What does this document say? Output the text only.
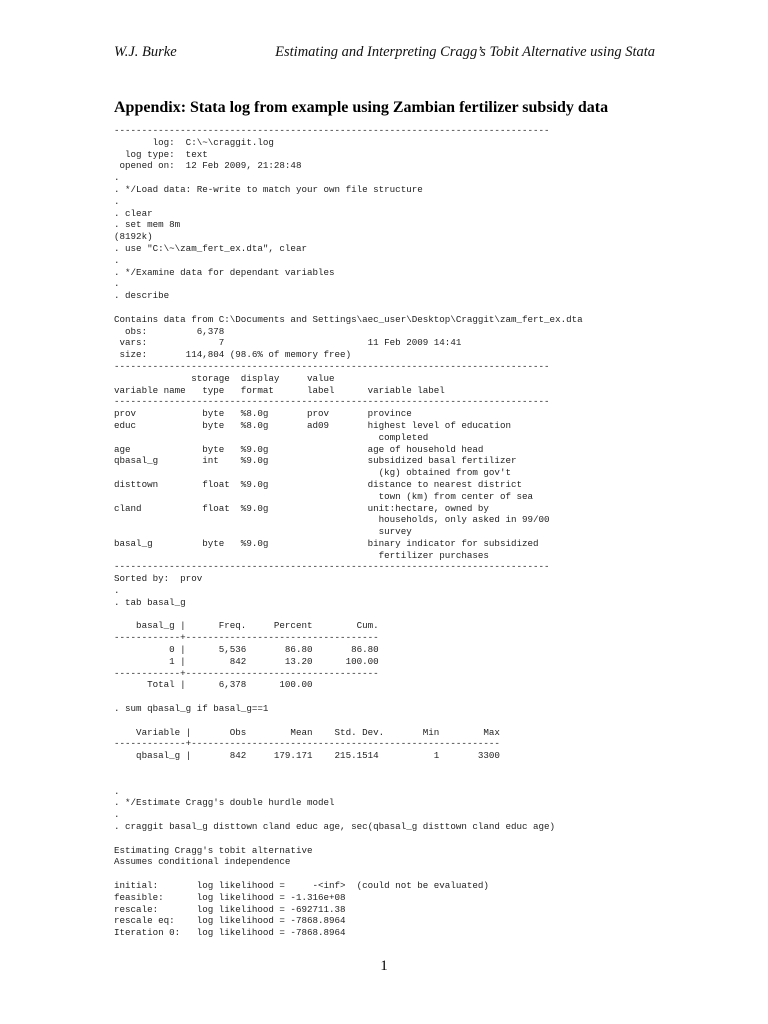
W.J. Burke	Estimating and Interpreting Cragg’s Tobit Alternative using Stata
Appendix: Stata log from example using Zambian fertilizer subsidy data
-------------------------------------------------------------------------------
log:  C:\~\craggit.log
log type:  text
opened on:  12 Feb 2009, 21:28:48
.
. */Load data: Re-write to match your own file structure
.
. clear
. set mem 8m
(8192k)
. use "C:\~\zam_fert_ex.dta", clear
.
. */Examine data for dependant variables
.
. describe
Contains data from C:\Documents and Settings\aec_user\Desktop\Craggit\zam_fert_ex.dta
obs:         6,378
vars:             7                          11 Feb 2009 14:41
size:       114,804 (98.6% of memory free)
-------------------------------------------------------------------------------
storage  display     value
variable name   type   format      label      variable label
-------------------------------------------------------------------------------
prov            byte   %8.0g       prov       province
educ            byte   %8.0g       ad09       highest level of education
completed
age             byte   %9.0g                  age of household head
qbasal_g        int    %9.0g                  subsidized basal fertilizer
(kg) obtained from gov't
disttown        float  %9.0g                  distance to nearest district
town (km) from center of sea
cland           float  %9.0g                  unit:hectare, owned by
households, only asked in 99/00
survey
basal_g         byte   %9.0g                  binary indicator for subsidized
fertilizer purchases
-------------------------------------------------------------------------------
Sorted by:  prov
.
. tab basal_g
basal_g |      Freq.     Percent        Cum.
------------+-----------------------------------
0 |      5,536       86.80       86.80
1 |        842       13.20      100.00
------------+-----------------------------------
Total |      6,378      100.00
. sum qbasal_g if basal_g==1
Variable |       Obs        Mean    Std. Dev.       Min        Max
-------------+--------------------------------------------------------
qbasal_g |       842     179.171    215.1514          1       3300
.
. */Estimate Cragg's double hurdle model
.
. craggit basal_g disttown cland educ age, sec(qbasal_g disttown cland educ age)
Estimating Cragg's tobit alternative
Assumes conditional independence
initial:       log likelihood =     -<inf>  (could not be evaluated)
feasible:      log likelihood = -1.316e+08
rescale:       log likelihood = -692711.38
rescale eq:    log likelihood = -7868.8964
Iteration 0:   log likelihood = -7868.8964
1
